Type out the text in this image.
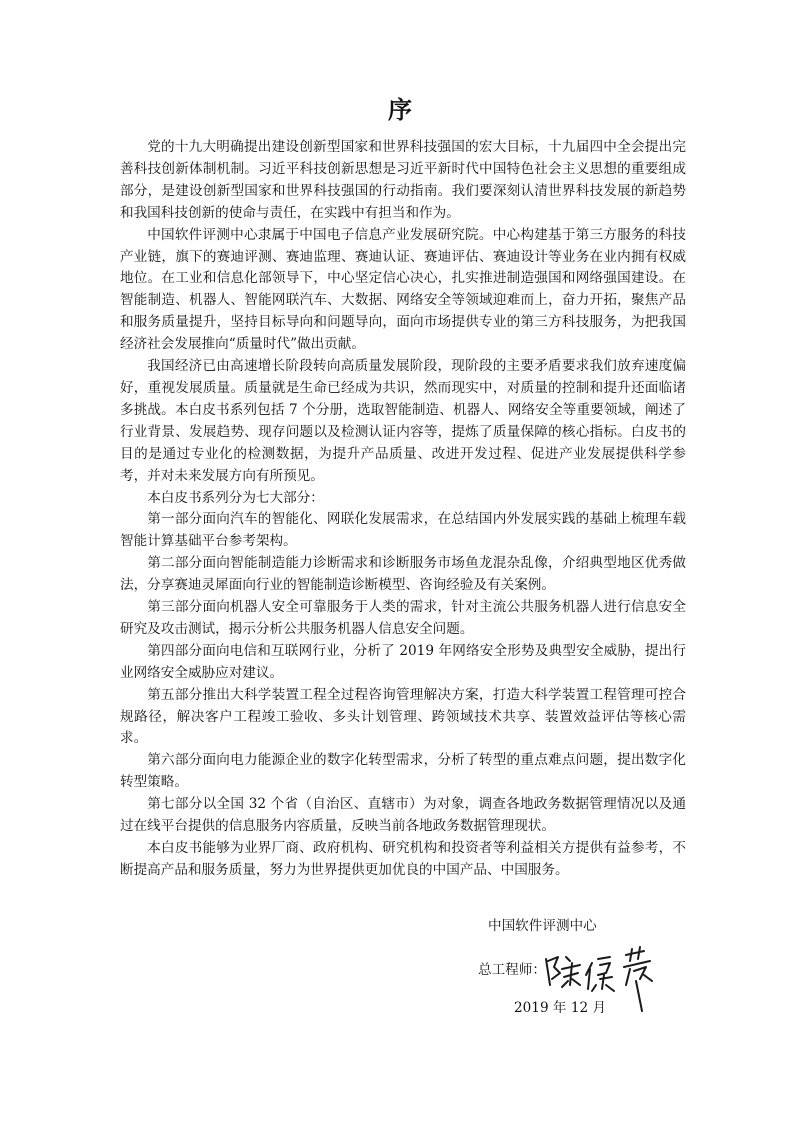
序

党的十九大明确提出建设创新型国家和世界科技强国的宏大目标，十九届四中全会提出完善科技创新体制机制。习近平科技创新思想是习近平新时代中国特色社会主义思想的重要组成部分，是建设创新型国家和世界科技强国的行动指南。我们要深刻认清世界科技发展的新趋势和我国科技创新的使命与责任，在实践中有担当和作为。

中国软件评测中心隶属于中国电子信息产业发展研究院。中心构建基于第三方服务的科技产业链，旗下的赛迪评测、赛迪监理、赛迪认证、赛迪评估、赛迪设计等业务在业内拥有权威地位。在工业和信息化部领导下，中心坚定信心决心，扎实推进制造强国和网络强国建设。在智能制造、机器人、智能网联汽车、大数据、网络安全等领域迎难而上，奋力开拓，聚焦产品和服务质量提升，坚持目标导向和问题导向，面向市场提供专业的第三方科技服务，为把我国经济社会发展推向“质量时代”做出贡献。

我国经济已由高速增长阶段转向高质量发展阶段，现阶段的主要矛盾要求我们放弃速度偏好，重视发展质量。质量就是生命已经成为共识，然而现实中，对质量的控制和提升还面临诸多挑战。本白皮书系列包括 7 个分册，选取智能制造、机器人、网络安全等重要领域，阐述了行业背景、发展趋势、现存问题以及检测认证内容等，提炼了质量保障的核心指标。白皮书的目的是通过专业化的检测数据，为提升产品质量、改进开发过程、促进产业发展提供科学参考，并对未来发展方向有所预见。

本白皮书系列分为七大部分：

第一部分面向汽车的智能化、网联化发展需求，在总结国内外发展实践的基础上梳理车载智能计算基础平台参考架构。

第二部分面向智能制造能力诊断需求和诊断服务市场鱼龙混杂乱像，介绍典型地区优秀做法，分享赛迪灵犀面向行业的智能制造诊断模型、咨询经验及有关案例。

第三部分面向机器人安全可靠服务于人类的需求，针对主流公共服务机器人进行信息安全研究及攻击测试，揭示分析公共服务机器人信息安全问题。

第四部分面向电信和互联网行业，分析了 2019 年网络安全形势及典型安全威胁，提出行业网络安全威胁应对建议。

第五部分推出大科学装置工程全过程咨询管理解决方案，打造大科学装置工程管理可控合规路径，解决客户工程竣工验收、多头计划管理、跨领域技术共享、装置效益评估等核心需求。

第六部分面向电力能源企业的数字化转型需求，分析了转型的重点难点问题，提出数字化转型策略。

第七部分以全国 32 个省（自治区、直辖市）为对象，调查各地政务数据管理情况以及通过在线平台提供的信息服务内容质量，反映当前各地政务数据管理现状。

本白皮书能够为业界厂商、政府机构、研究机构和投资者等利益相关方提供有益参考，不断提高产品和服务质量，努力为世界提供更加优良的中国产品、中国服务。

中国软件评测中心
总工程师：
2019 年 12 月
